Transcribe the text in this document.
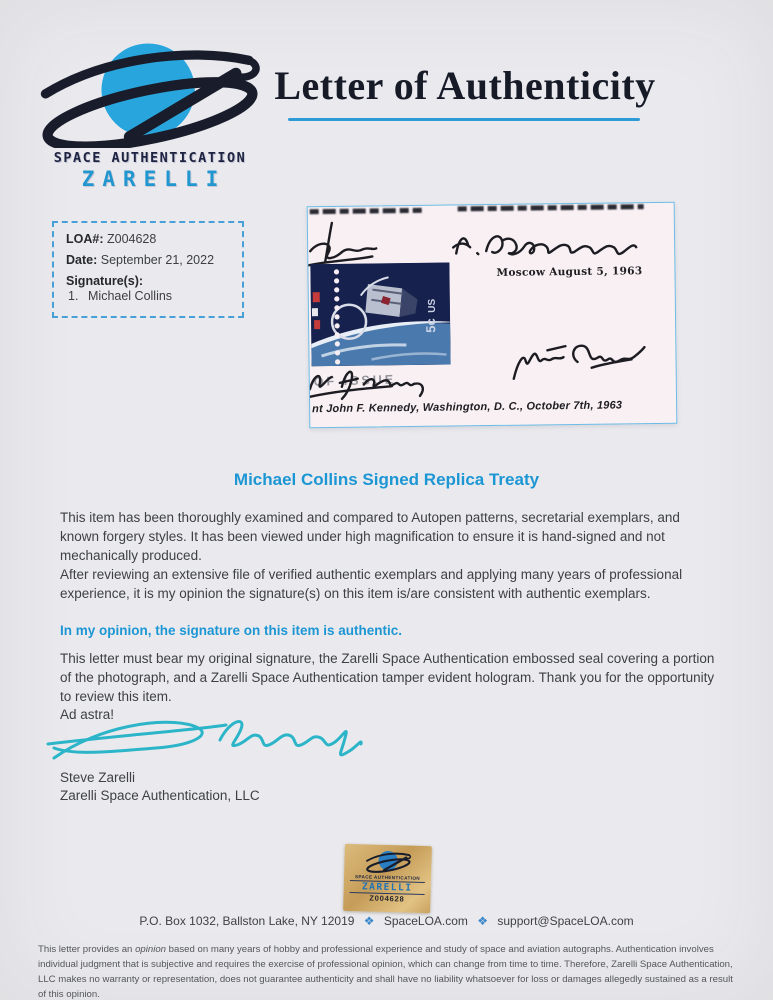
SPACE AUTHENTICATION
ZARELLI
Letter of Authenticity
LOA#: Z004628
Date: September 21, 2022
Signature(s):
1. Michael Collins
Moscow August 5, 1963
5c
US
OF ISSUE
nt John F. Kennedy, Washington, D. C., October 7th, 1963
Michael Collins Signed Replica Treaty
This item has been thoroughly examined and compared to Autopen patterns, secretarial exemplars, and known forgery styles. It has been viewed under high magnification to ensure it is hand-signed and not mechanically produced.
After reviewing an extensive file of verified authentic exemplars and applying many years of professional experience, it is my opinion the signature(s) on this item is/are consistent with authentic exemplars.
In my opinion, the signature on this item is authentic.
This letter must bear my original signature, the Zarelli Space Authentication embossed seal covering a portion of the photograph, and a Zarelli Space Authentication tamper evident hologram. Thank you for the opportunity to review this item.
Ad astra!
Steve Zarelli
Zarelli Space Authentication, LLC
SPACE AUTHENTICATION
ZARELLI
Z004628
P.O. Box 1032, Ballston Lake, NY 12019 ❖ SpaceLOA.com ❖ support@SpaceLOA.com
This letter provides an opinion based on many years of hobby and professional experience and study of space and aviation autographs. Authentication involves individual judgment that is subjective and requires the exercise of professional opinion, which can change from time to time. Therefore, Zarelli Space Authentication, LLC makes no warranty or representation, does not guarantee authenticity and shall have no liability whatsoever for loss or damages allegedly sustained as a result of this opinion.
